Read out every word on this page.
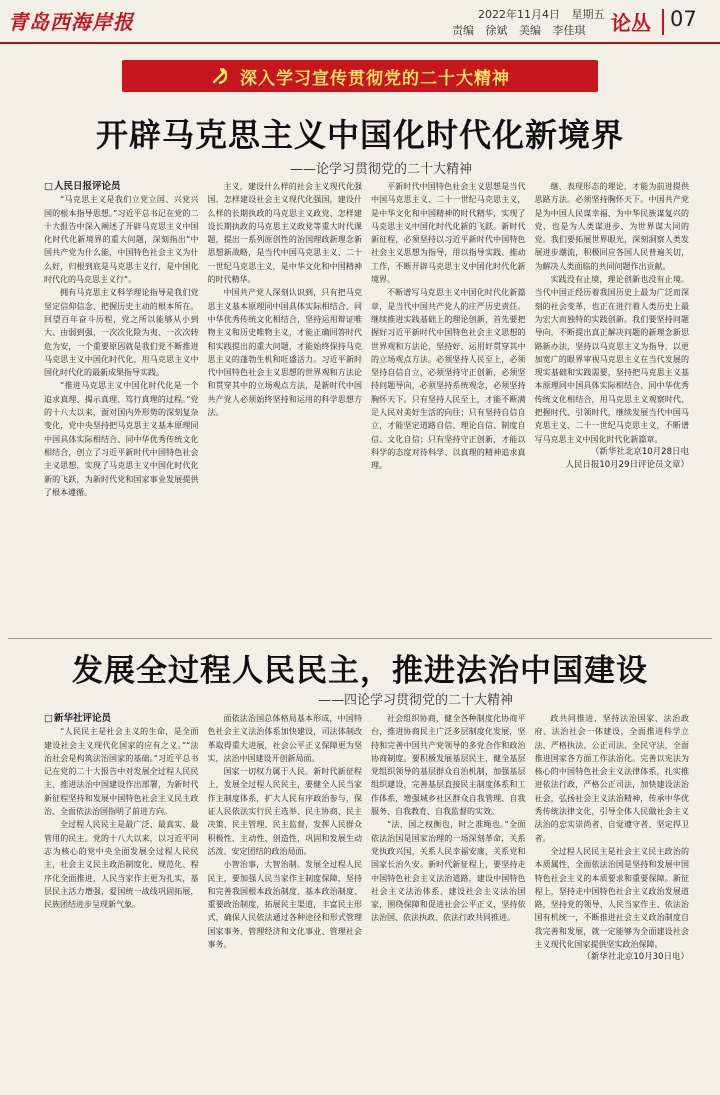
青岛西海岸报	2022年11月4日 星期五
责编 徐斌 美编 李佳琪	论丛 07
深入学习宣传贯彻党的二十大精神
开辟马克思主义中国化时代化新境界
——论学习贯彻党的二十大精神

□ 人民日报评论员

“马克思主义是我们立党立国、兴党兴国的根本指导思想。”习近平总书记在党的二十大报告中深入阐述了开辟马克思主义中国化时代化新境界的重大问题，深刻指出“中国共产党为什么能，中国特色社会主义为什么好，归根到底是马克思主义行，是中国化时代化的马克思主义行”。

拥有马克思主义科学理论指导是我们党坚定信仰信念、把握历史主动的根本所在。回望百年奋斗历程，党之所以能够从小到大、由弱到强，一次次化险为夷、一次次转危为安，一个重要原因就是我们党不断推进马克思主义中国化时代化，用马克思主义中国化时代化的最新成果指导实践。

“推进马克思主义中国化时代化是一个追求真理、揭示真理、笃行真理的过程。”党的十八大以来，面对国内外形势的深刻复杂变化，党中央坚持把马克思主义基本原理同中国具体实际相结合、同中华优秀传统文化相结合，创立了习近平新时代中国特色社会主义思想，实现了马克思主义中国化时代化新的飞跃，为新时代党和国家事业发展提供了根本遵循。

主义，建设什么样的社会主义现代化强国、怎样建设社会主义现代化强国，建设什么样的长期执政的马克思主义政党、怎样建设长期执政的马克思主义政党等重大时代课题，提出一系列原创性的治国理政新理念新思想新战略，是当代中国马克思主义、二十一世纪马克思主义，是中华文化和中国精神的时代精华。

中国共产党人深刻认识到，只有把马克思主义基本原理同中国具体实际相结合、同中华优秀传统文化相结合，坚持运用辩证唯物主义和历史唯物主义，才能正确回答时代和实践提出的重大问题，才能始终保持马克思主义的蓬勃生机和旺盛活力。习近平新时代中国特色社会主义思想的世界观和方法论和贯穿其中的立场观点方法，是新时代中国共产党人必须始终坚持和运用的科学思想方法。

平新时代中国特色社会主义思想是当代中国马克思主义、二十一世纪马克思主义，是中华文化和中国精神的时代精华，实现了马克思主义中国化时代化新的飞跃。新时代新征程，必须坚持以习近平新时代中国特色社会主义思想为指导，用以指导实践、推动工作，不断开辟马克思主义中国化时代化新境界。

不断谱写马克思主义中国化时代化新篇章，是当代中国共产党人的庄严历史责任。继续推进实践基础上的理论创新，首先要把握好习近平新时代中国特色社会主义思想的世界观和方法论，坚持好、运用好贯穿其中的立场观点方法。必须坚持人民至上，必须坚持自信自立，必须坚持守正创新，必须坚持问题导向，必须坚持系统观念，必须坚持胸怀天下。只有坚持人民至上，才能不断满足人民对美好生活的向往；只有坚持自信自立，才能坚定道路自信、理论自信、制度自信、文化自信；只有坚持守正创新，才能以科学的态度对待科学、以真理的精神追求真理。

继、表现形态的理论，才能为前进提供思路方法。必须坚持胸怀天下。中国共产党是为中国人民谋幸福、为中华民族谋复兴的党，也是为人类谋进步、为世界谋大同的党。我们要拓展世界眼光，深刻洞察人类发展进步潮流，积极回应各国人民普遍关切，为解决人类面临的共同问题作出贡献。

实践没有止境，理论创新也没有止境。当代中国正经历着我国历史上最为广泛而深刻的社会变革，也正在进行着人类历史上最为宏大而独特的实践创新。我们要坚持问题导向，不断提出真正解决问题的新理念新思路新办法，坚持以马克思主义为指导，以更加宽广的眼界审视马克思主义在当代发展的现实基础和实践需要，坚持把马克思主义基本原理同中国具体实际相结合、同中华优秀传统文化相结合，用马克思主义观察时代、把握时代、引领时代，继续发展当代中国马克思主义、二十一世纪马克思主义，不断谱写马克思主义中国化时代化新篇章。

（新华社北京10月28日电

人民日报10月29日评论员文章）

发展全过程人民民主，推进法治中国建设
——四论学习贯彻党的二十大精神

□ 新华社评论员

“人民民主是社会主义的生命，是全面建设社会主义现代化国家的应有之义。”“法治社会是构筑法治国家的基础。”习近平总书记在党的二十大报告中对发展全过程人民民主、推进法治中国建设作出部署，为新时代新征程坚持和发展中国特色社会主义民主政治、全面依法治国指明了前进方向。

全过程人民民主是最广泛、最真实、最管用的民主。党的十八大以来，以习近平同志为核心的党中央全面发展全过程人民民主，社会主义民主政治制度化、规范化、程序化全面推进，人民当家作主更为扎实，基层民主活力增强，爱国统一战线巩固拓展，民族团结进步呈现新气象。

面依法治国总体格局基本形成，中国特色社会主义法治体系加快建设，司法体制改革取得重大进展，社会公平正义保障更为坚实，法治中国建设开创新局面。

国家一切权力属于人民。新时代新征程上，发展全过程人民民主，要健全人民当家作主制度体系，扩大人民有序政治参与，保证人民依法实行民主选举、民主协商、民主决策、民主管理、民主监督，发挥人民群众积极性、主动性、创造性，巩固和发展生动活泼、安定团结的政治局面。

小智治事，大智治制。发展全过程人民民主，要加强人民当家作主制度保障，坚持和完善我国根本政治制度、基本政治制度、重要政治制度，拓展民主渠道，丰富民主形式，确保人民依法通过各种途径和形式管理国家事务、管理经济和文化事业、管理社会事务。

社会组织协商，健全各种制度化协商平台，推进协商民主广泛多层制度化发展，坚持和完善中国共产党领导的多党合作和政治协商制度。要积极发展基层民主，健全基层党组织领导的基层群众自治机制，加强基层组织建设，完善基层直接民主制度体系和工作体系，增强城乡社区群众自我管理、自我服务、自我教育、自我监督的实效。

“法，国之权衡也，时之准绳也。”全面依法治国是国家治理的一场深刻革命，关系党执政兴国，关系人民幸福安康，关系党和国家长治久安。新时代新征程上，要坚持走中国特色社会主义法治道路，建设中国特色社会主义法治体系、建设社会主义法治国家，围绕保障和促进社会公平正义，坚持依法治国、依法执政、依法行政共同推进。

政共同推进，坚持法治国家、法治政府、法治社会一体建设，全面推进科学立法、严格执法、公正司法、全民守法，全面推进国家各方面工作法治化。完善以宪法为核心的中国特色社会主义法律体系，扎实推进依法行政，严格公正司法，加快建设法治社会，弘扬社会主义法治精神，传承中华优秀传统法律文化，引导全体人民做社会主义法治的忠实崇尚者、自觉遵守者、坚定捍卫者。

全过程人民民主是社会主义民主政治的本质属性，全面依法治国是坚持和发展中国特色社会主义的本质要求和重要保障。新征程上，坚持走中国特色社会主义政治发展道路，坚持党的领导、人民当家作主、依法治国有机统一，不断推进社会主义政治制度自我完善和发展，就一定能够为全面建设社会主义现代化国家提供坚实政治保障。

（新华社北京10月30日电）
